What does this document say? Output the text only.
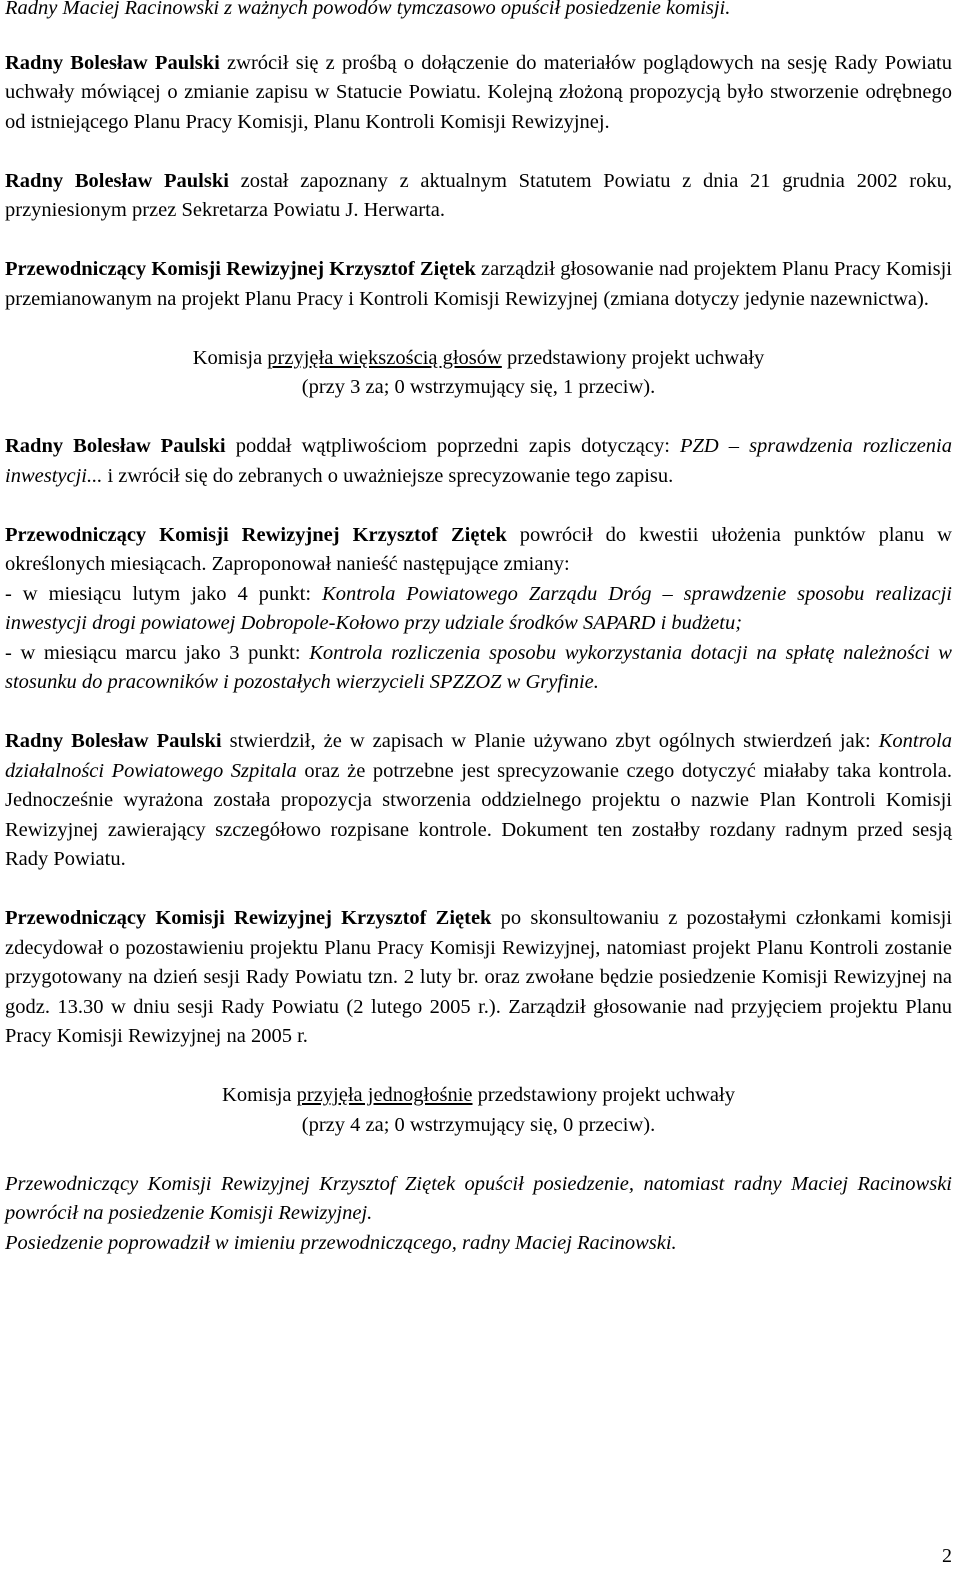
Radny Maciej Racinowski z ważnych powodów tymczasowo opuścił posiedzenie komisji.

Radny Bolesław Paulski zwrócił się z prośbą o dołączenie do materiałów poglądowych na sesję Rady Powiatu uchwały mówiącej o zmianie zapisu w Statucie Powiatu. Kolejną złożoną propozycją było stworzenie odrębnego od istniejącego Planu Pracy Komisji, Planu Kontroli Komisji Rewizyjnej.

Radny Bolesław Paulski został zapoznany z aktualnym Statutem Powiatu z dnia 21 grudnia 2002 roku, przyniesionym przez Sekretarza Powiatu J. Herwarta.

Przewodniczący Komisji Rewizyjnej Krzysztof Ziętek zarządził głosowanie nad projektem Planu Pracy Komisji przemianowanym na projekt Planu Pracy i Kontroli Komisji Rewizyjnej (zmiana dotyczy jedynie nazewnictwa).

Komisja przyjęła większością głosów przedstawiony projekt uchwały

(przy 3 za; 0 wstrzymujący się, 1 przeciw).

Radny Bolesław Paulski poddał wątpliwościom poprzedni zapis dotyczący: PZD – sprawdzenia rozliczenia inwestycji... i zwrócił się do zebranych o uważniejsze sprecyzowanie tego zapisu.

Przewodniczący Komisji Rewizyjnej Krzysztof Ziętek powrócił do kwestii ułożenia punktów planu w określonych miesiącach. Zaproponował nanieść następujące zmiany:

- w miesiącu lutym jako 4 punkt: Kontrola Powiatowego Zarządu Dróg – sprawdzenie sposobu realizacji inwestycji drogi powiatowej Dobropole-Kołowo przy udziale środków SAPARD i budżetu;

- w miesiącu marcu jako 3 punkt: Kontrola rozliczenia sposobu wykorzystania dotacji na spłatę należności w stosunku do pracowników i pozostałych wierzycieli SPZZOZ w Gryfinie.

Radny Bolesław Paulski stwierdził, że w zapisach w Planie używano zbyt ogólnych stwierdzeń jak: Kontrola działalności Powiatowego Szpitala oraz że potrzebne jest sprecyzowanie czego dotyczyć miałaby taka kontrola. Jednocześnie wyrażona została propozycja stworzenia oddzielnego projektu o nazwie Plan Kontroli Komisji Rewizyjnej zawierający szczegółowo rozpisane kontrole. Dokument ten zostałby rozdany radnym przed sesją Rady Powiatu.

Przewodniczący Komisji Rewizyjnej Krzysztof Ziętek po skonsultowaniu z pozostałymi członkami komisji zdecydował o pozostawieniu projektu Planu Pracy Komisji Rewizyjnej, natomiast projekt Planu Kontroli zostanie przygotowany na dzień sesji Rady Powiatu tzn. 2 luty br. oraz zwołane będzie posiedzenie Komisji Rewizyjnej na godz. 13.30 w dniu sesji Rady Powiatu (2 lutego 2005 r.). Zarządził głosowanie nad przyjęciem projektu Planu Pracy Komisji Rewizyjnej na 2005 r.

Komisja przyjęła jednogłośnie przedstawiony projekt uchwały

(przy 4 za; 0 wstrzymujący się, 0 przeciw).

Przewodniczący Komisji Rewizyjnej Krzysztof Ziętek opuścił posiedzenie, natomiast radny Maciej Racinowski powrócił na posiedzenie Komisji Rewizyjnej.

Posiedzenie poprowadził w imieniu przewodniczącego, radny Maciej Racinowski.

2
